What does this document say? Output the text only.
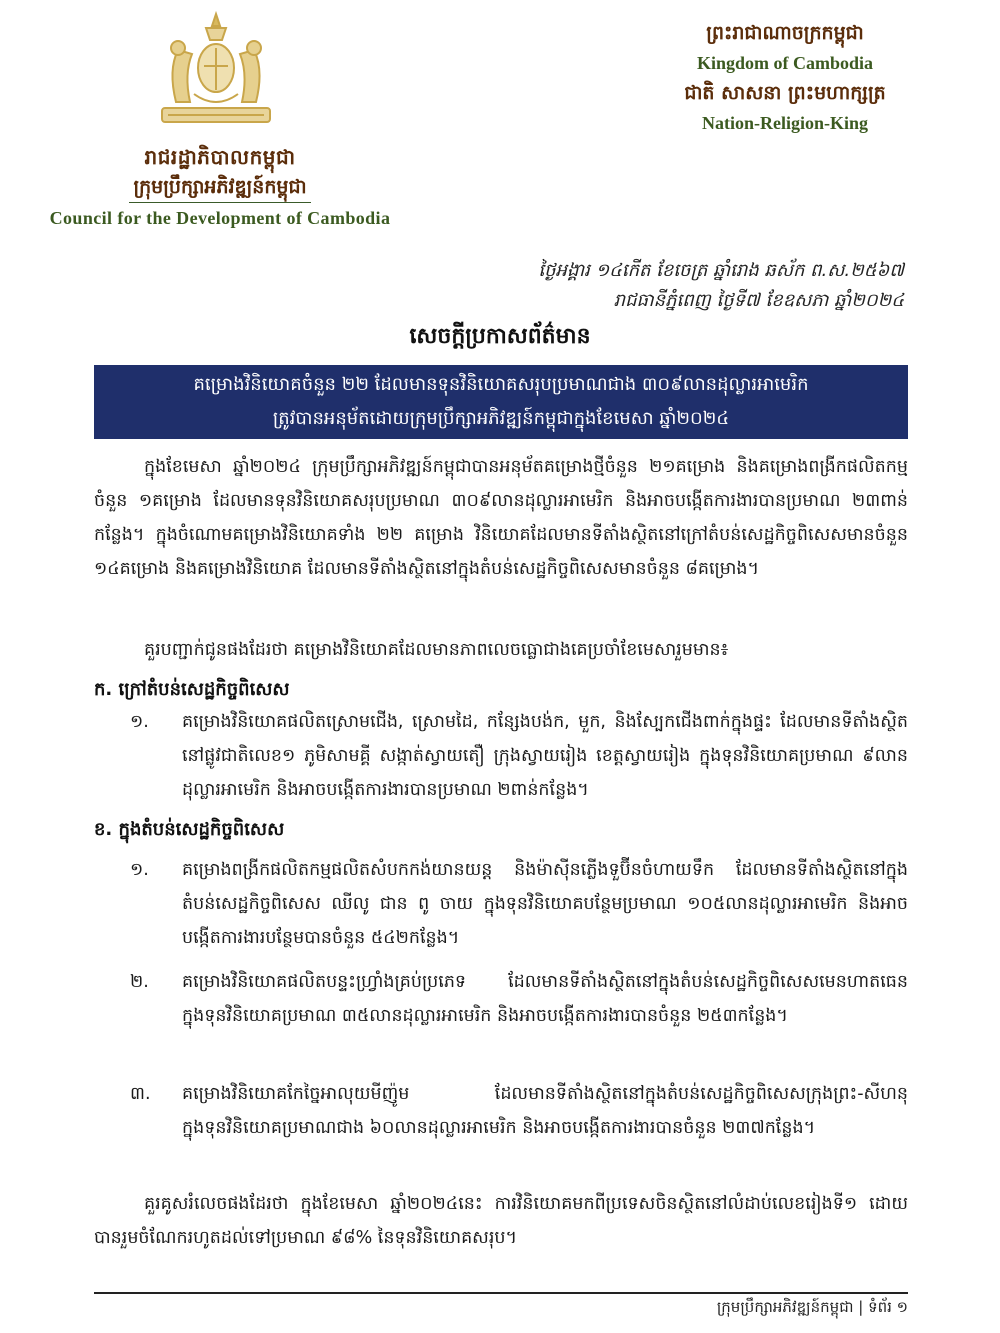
រាជរដ្ឋាភិបាលកម្ពុជា
ក្រុមប្រឹក្សាអភិវឌ្ឍន៍កម្ពុជា
Council for the Development of Cambodia
ព្រះរាជាណាចក្រកម្ពុជា
Kingdom of Cambodia
ជាតិ សាសនា ព្រះមហាក្សត្រ
Nation-Religion-King
ថ្ងៃអង្គារ ១៤កើត ខែចេត្រ ឆ្នាំរោង ឆស័ក ព.ស.២៥៦៧
រាជធានីភ្នំពេញ ថ្ងៃទី៧ ខែឧសភា ឆ្នាំ២០២៤
សេចក្តីប្រកាសព័ត៌មាន
គម្រោងវិនិយោគចំនួន ២២ ដែលមានទុនវិនិយោគសរុបប្រមាណជាង ៣០៩លានដុល្លារអាមេរិក
ត្រូវបានអនុម័តដោយក្រុមប្រឹក្សាអភិវឌ្ឍន៍កម្ពុជាក្នុងខែមេសា ឆ្នាំ២០២៤

ក្នុងខែមេសា ឆ្នាំ២០២៤ ក្រុមប្រឹក្សាអភិវឌ្ឍន៍កម្ពុជាបានអនុម័តគម្រោងថ្មីចំនួន ២១គម្រោង និងគម្រោងពង្រីកផលិតកម្មចំនួន ១គម្រោង ដែលមានទុនវិនិយោគសរុបប្រមាណ ៣០៩លានដុល្លារអាមេរិក និងអាចបង្កើតការងារបានប្រមាណ ២៣ពាន់កន្លែង។ ក្នុងចំណោមគម្រោងវិនិយោគទាំង ២២ គម្រោង វិនិយោគដែលមានទីតាំងស្ថិតនៅក្រៅតំបន់សេដ្ឋកិច្ចពិសេសមានចំនួន ១៤គម្រោង និងគម្រោងវិនិយោគ ដែលមានទីតាំងស្ថិតនៅក្នុងតំបន់សេដ្ឋកិច្ចពិសេសមានចំនួន ៨គម្រោង។

គួរបញ្ជាក់ជូនផងដែរថា គម្រោងវិនិយោគដែលមានភាពលេចធ្លោជាងគេប្រចាំខែមេសារួមមាន៖

ក. ក្រៅតំបន់សេដ្ឋកិច្ចពិសេស
១.	គម្រោងវិនិយោគផលិតស្រោមជើង, ស្រោមដៃ, កន្សែងបង់ក, មួក, និងស្បែកជើងពាក់ក្នុងផ្ទះ ដែលមានទីតាំងស្ថិតនៅផ្លូវជាតិលេខ១ ភូមិសាមគ្គី សង្កាត់ស្វាយតឿ ក្រុងស្វាយរៀង ខេត្តស្វាយរៀង ក្នុងទុនវិនិយោគប្រមាណ ៩លានដុល្លារអាមេរិក និងអាចបង្កើតការងារបានប្រមាណ ២ពាន់កន្លែង។
ខ. ក្នុងតំបន់សេដ្ឋកិច្ចពិសេស
១.	គម្រោងពង្រីកផលិតកម្មផលិតសំបកកង់យានយន្ត និងម៉ាស៊ីនភ្លើងទួប៊ីនចំហាយទឹក ដែលមានទីតាំងស្ថិតនៅក្នុងតំបន់សេដ្ឋកិច្ចពិសេស ឈីលូ ជាន ពូ ចាយ ក្នុងទុនវិនិយោគបន្ថែមប្រមាណ ១០៥លានដុល្លារអាមេរិក និងអាចបង្កើតការងារបន្ថែមបានចំនួន ៥៤២កន្លែង។
២.	គម្រោងវិនិយោគផលិតបន្ទះហ្វ្រាំងគ្រប់ប្រភេទ ដែលមានទីតាំងស្ថិតនៅក្នុងតំបន់សេដ្ឋកិច្ចពិសេសមេនហាតធេន ក្នុងទុនវិនិយោគប្រមាណ ៣៥លានដុល្លារអាមេរិក និងអាចបង្កើតការងារបានចំនួន ២៥៣កន្លែង។
៣.	គម្រោងវិនិយោគកែច្នៃអាលុយមីញ៉ូម ដែលមានទីតាំងស្ថិតនៅក្នុងតំបន់សេដ្ឋកិច្ចពិសេសក្រុងព្រះ-សីហនុ ក្នុងទុនវិនិយោគប្រមាណជាង ៦០លានដុល្លារអាមេរិក និងអាចបង្កើតការងារបានចំនួន ២៣៧កន្លែង។

គួរគូសរំលេចផងដែរថា ក្នុងខែមេសា ឆ្នាំ២០២៤នេះ ការវិនិយោគមកពីប្រទេសចិនស្ថិតនៅលំដាប់លេខរៀងទី១ ដោយបានរួមចំណែករហូតដល់ទៅប្រមាណ ៩៨% នៃទុនវិនិយោគសរុប។

ក្រុមប្រឹក្សាអភិវឌ្ឍន៍កម្ពុជា | ទំព័រ ១
